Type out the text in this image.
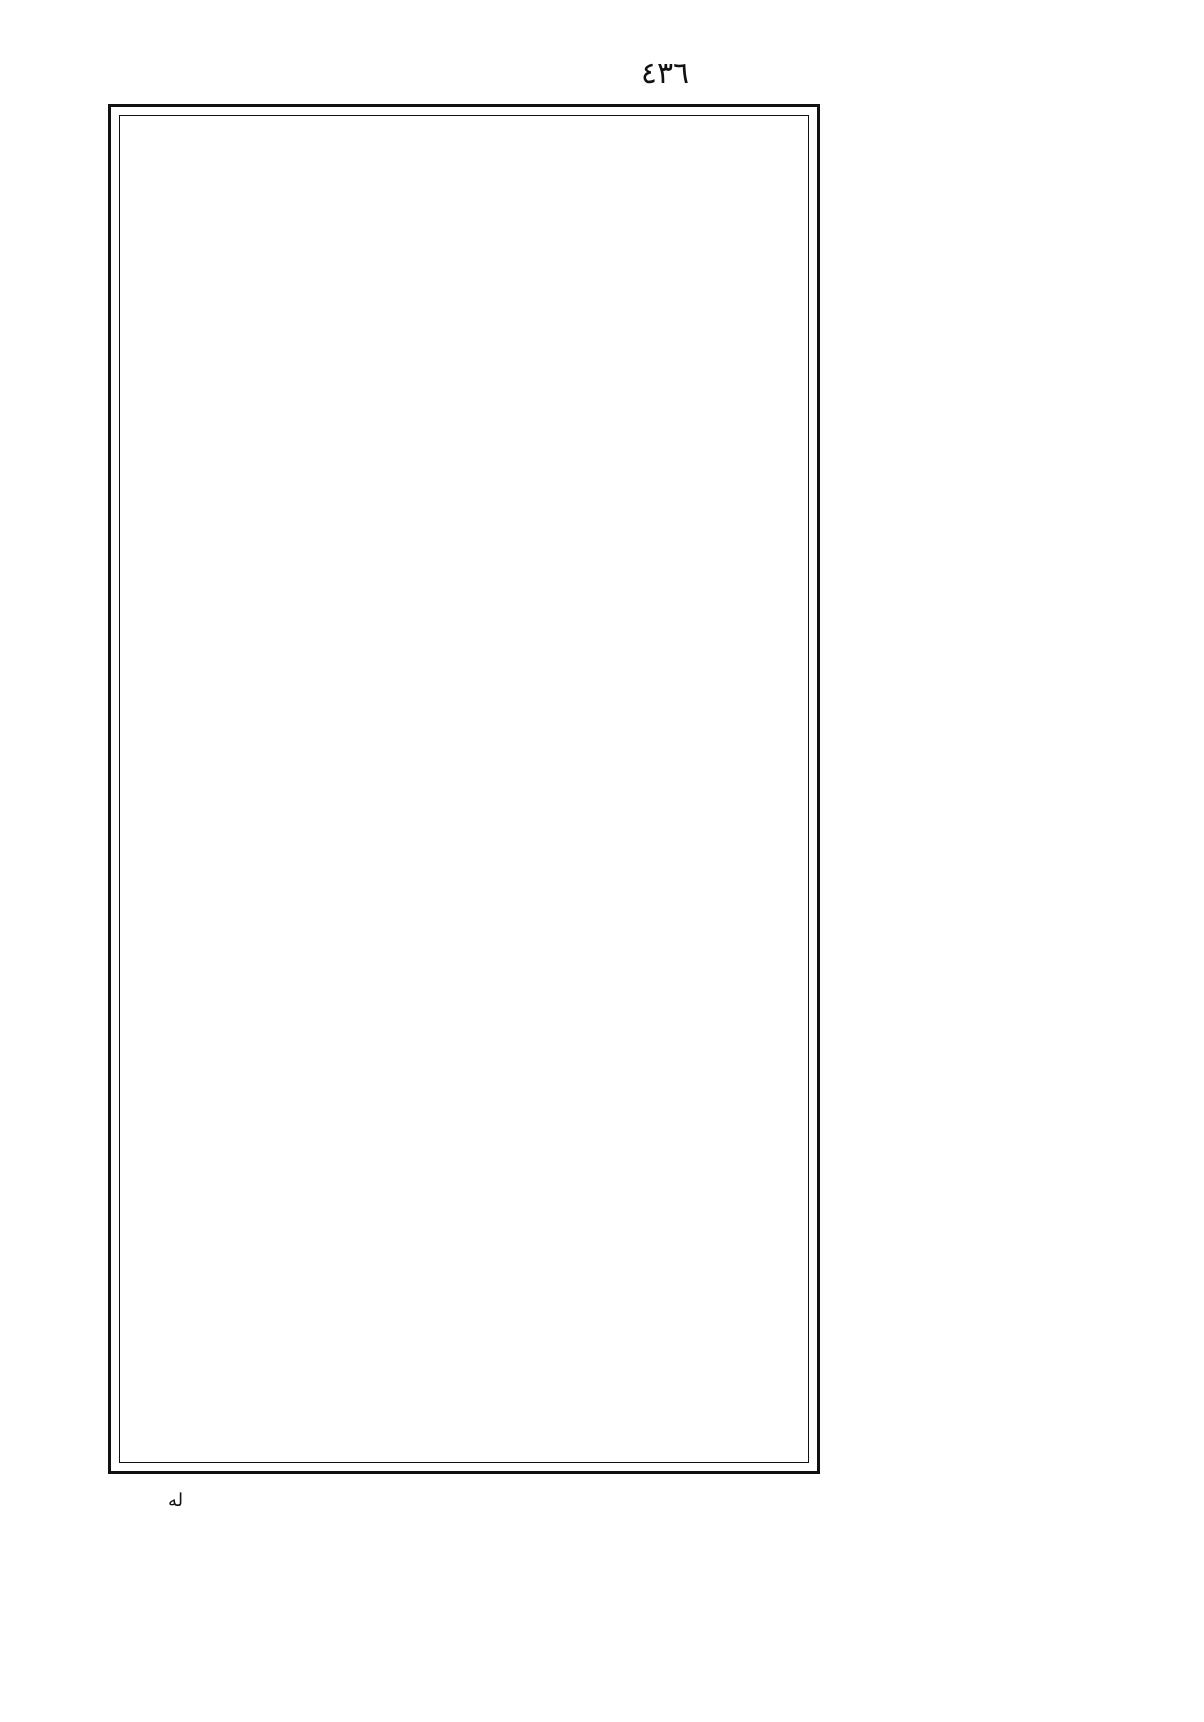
٤٣٦
له
